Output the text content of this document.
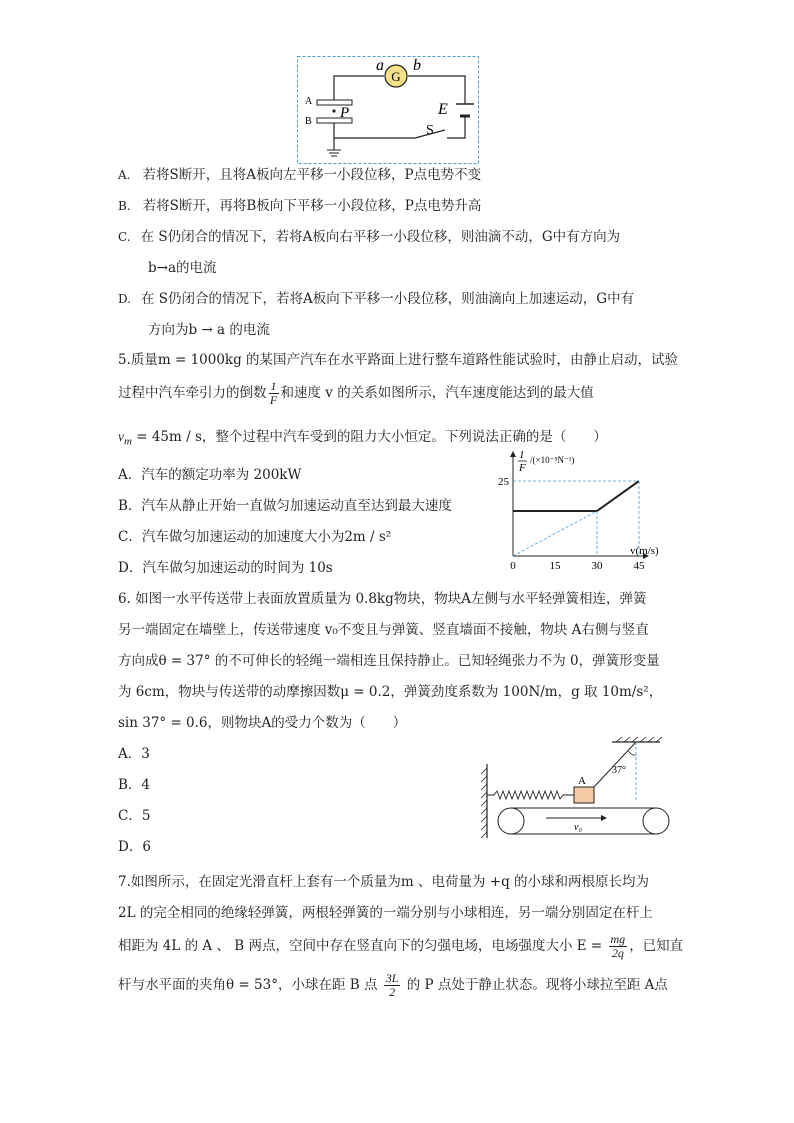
G
a b
A
B
P
S
E
A. 若将S断开，且将A板向左平移一小段位移，P点电势不变
B. 若将S断开，再将B板向下平移一小段位移，P点电势升高
C. 在 S仍闭合的情况下，若将A板向右平移一小段位移，则油滴不动，G中有方向为
b→a的电流
D. 在 S仍闭合的情况下，若将A板向下平移一小段位移，则油滴向上加速运动，G中有
方向为b → a 的电流
5.质量m = 1000kg 的某国产汽车在水平路面上进行整车道路性能试验时，由静止启动，试验
过程中汽车牵引力的倒数 $\frac{1}{F}$ 和速度 v 的关系如图所示，汽车速度能达到的最大值
$v_m = 45m / s$，整个过程中汽车受到的阻力大小恒定。下列说法正确的是（　　）
A．汽车的额定功率为 200kW
B．汽车从静止开始一直做匀加速运动直至达到最大速度
C．汽车做匀加速运动的加速度大小为2m / s²
D．汽车做匀加速运动的时间为 10s
1
F
/(×10⁻⁵N⁻¹)
v(m/s)
0	15	30	45
25
6. 如图一水平传送带上表面放置质量为 0.8kg物块，物块A左侧与水平轻弹簧相连，弹簧
另一端固定在墙壁上，传送带速度 v₀不变且与弹簧、竖直墙面不接触，物块 A右侧与竖直
方向成θ = 37° 的不可伸长的轻绳一端相连且保持静止。已知轻绳张力不为 0，弹簧形变量
为 6cm，物块与传送带的动摩擦因数μ = 0.2，弹簧劲度系数为 100N/m，g 取 10m/s²，
sin 37° = 0.6，则物块A的受力个数为（　　）
A．3
B．4
C．5
D．6
A
37°
v₀
7.如图所示，在固定光滑直杆上套有一个质量为m 、电荷量为 +q 的小球和两根原长均为
2L 的完全相同的绝缘轻弹簧，两根轻弹簧的一端分别与小球相连，另一端分别固定在杆上
相距为 4L 的 A 、 B 两点，空间中存在竖直向下的匀强电场，电场强度大小 $E = \frac{mg}{2q}$ ，已知直
杆与水平面的夹角θ = 53°，小球在距 B 点 $\frac{3L}{2}$ 的 P 点处于静止状态。现将小球拉至距 A点
